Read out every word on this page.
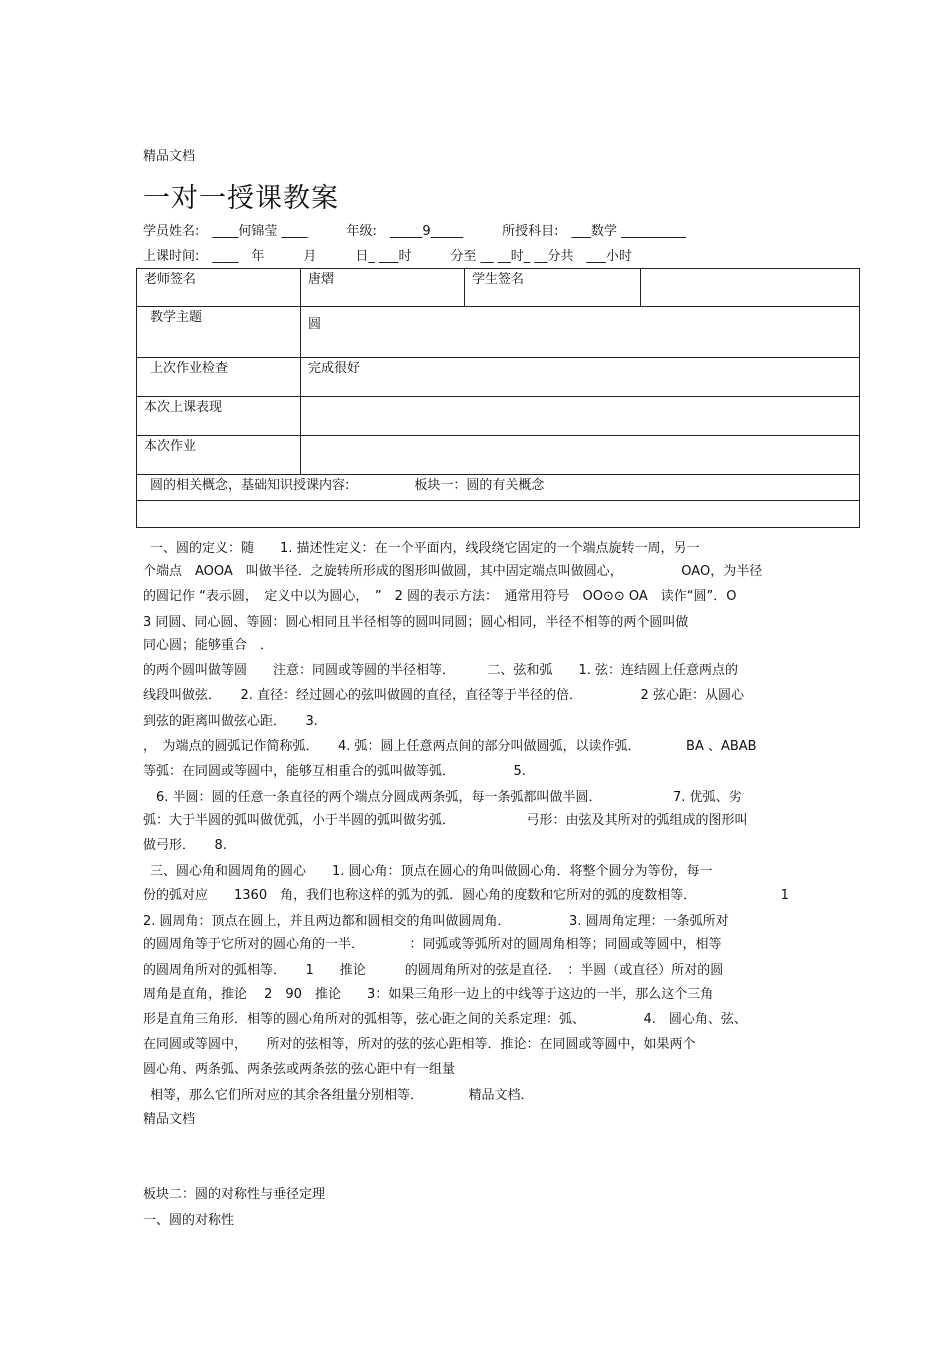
精品文档
一对一授课教案
学员姓名:　____何锦莹 ____　　　年级:　_____9_____　　　所授科目:　___数学 __________
上课时间:　____　年　　　月　　　日_ ___时　　　分至 __ __时_ __分共　___小时
老师签名	唐熠	学生签名	
教学主题	圆		
上次作业检查	完成很好		
本次上课表现			
本次作业			
圆的相关概念，基础知识授课内容:　　　　　板块一：圆的有关概念			

一、圆的定义：随　　1. 描述性定义：在一个平面内，线段绕它固定的一个端点旋转一周，另一
个端点　AOOA　叫做半径．之旋转所形成的图形叫做圆，其中固定端点叫做圆心，　　　　　OAO，为半径
的圆记作 “表示圆，　定义中以为圆心，　”　2 圆的表示方法：　通常用符号　OO⊙⊙ OA　读作“圆”．O
3 同圆、同心圆、等圆：圆心相同且半径相等的圆叫同圆；圆心相同，半径不相等的两个圆叫做
同心圆；能够重合　．
的两个圆叫做等圆　　注意：同圆或等圆的半径相等．　　　二、弦和弧　　1. 弦：连结圆上任意两点的
线段叫做弦．　　2. 直径：经过圆心的弦叫做圆的直径，直径等于半径的倍．　　　　　2 弦心距：从圆心
到弦的距离叫做弦心距．　　3.
，　为端点的圆弧记作简称弧．　　4. 弧：圆上任意两点间的部分叫做圆弧，以读作弧．　　　　BA 、ABAB
等弧：在同圆或等圆中，能够互相重合的弧叫做等弧．　　　　　5.
　6. 半圆：圆的任意一条直径的两个端点分圆成两条弧，每一条弧都叫做半圆．　　　　　　7. 优弧、劣
弧：大于半圆的弧叫做优弧，小于半圆的弧叫做劣弧．　　　　　　弓形：由弦及其所对的弧组成的图形叫
做弓形．　　8.
三、圆心角和圆周角的圆心　　1. 圆心角：顶点在圆心的角叫做圆心角．将整个圆分为等份，每一
份的弧对应　　1360　角，我们也称这样的弧为的弧．圆心角的度数和它所对的弧的度数相等．　　　　　　　1
2. 圆周角：顶点在圆上，并且两边都和圆相交的角叫做圆周角．　　　　　3. 圆周角定理：一条弧所对
的圆周角等于它所对的圆心角的一半．　　　　：同弧或等弧所对的圆周角相等；同圆或等圆中，相等
的圆周角所对的弧相等．　　1　　推论　　　的圆周角所对的弦是直径．　：半圆（或直径）所对的圆
周角是直角，推论　 2　90　推论　　3：如果三角形一边上的中线等于这边的一半，那么这个三角
形是直角三角形．相等的圆心角所对的弧相等，弦心距之间的关系定理：弧、　　　　　4.　圆心角、弦、
在同圆或等圆中，　　所对的弦相等，所对的弦的弦心距相等．推论：在同圆或等圆中，如果两个
圆心角、两条弧、两条弦或两条弦的弦心距中有一组量
相等，那么它们所对应的其余各组量分别相等．　　　　精品文档．
精品文档
板块二：圆的对称性与垂径定理
一、圆的对称性
